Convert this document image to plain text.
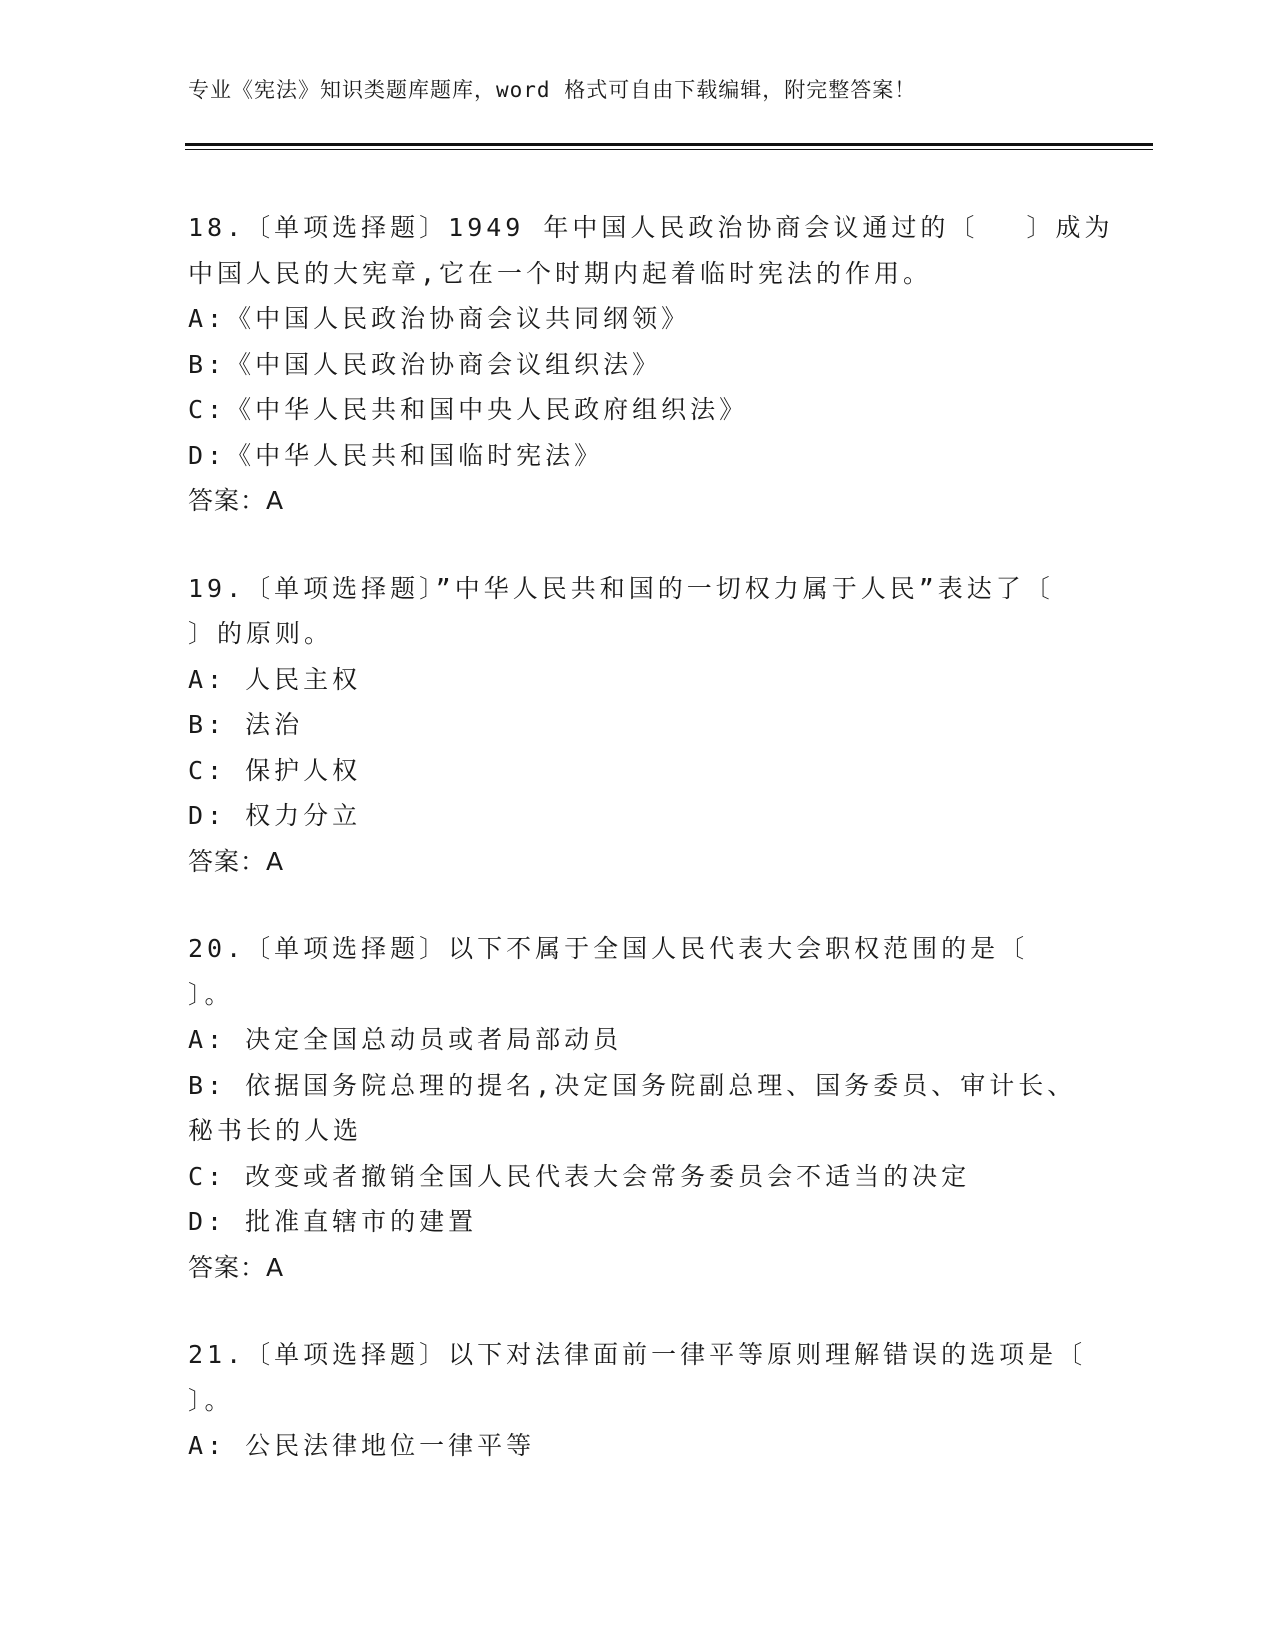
专业《宪法》知识类题库题库，word 格式可自由下载编辑，附完整答案！
18.〔单项选择题〕1949 年中国人民政治协商会议通过的〔　 〕成为
中国人民的大宪章,它在一个时期内起着临时宪法的作用。
A:《中国人民政治协商会议共同纲领》
B:《中国人民政治协商会议组织法》
C:《中华人民共和国中央人民政府组织法》
D:《中华人民共和国临时宪法》
答案：A
19.〔单项选择题〕”中华人民共和国的一切权力属于人民”表达了〔
〕的原则。
A: 人民主权
B: 法治
C: 保护人权
D: 权力分立
答案：A
20.〔单项选择题〕以下不属于全国人民代表大会职权范围的是〔
〕。
A: 决定全国总动员或者局部动员
B: 依据国务院总理的提名,决定国务院副总理、国务委员、审计长、
秘书长的人选
C: 改变或者撤销全国人民代表大会常务委员会不适当的决定
D: 批准直辖市的建置
答案：A
21.〔单项选择题〕以下对法律面前一律平等原则理解错误的选项是〔
〕。
A: 公民法律地位一律平等
